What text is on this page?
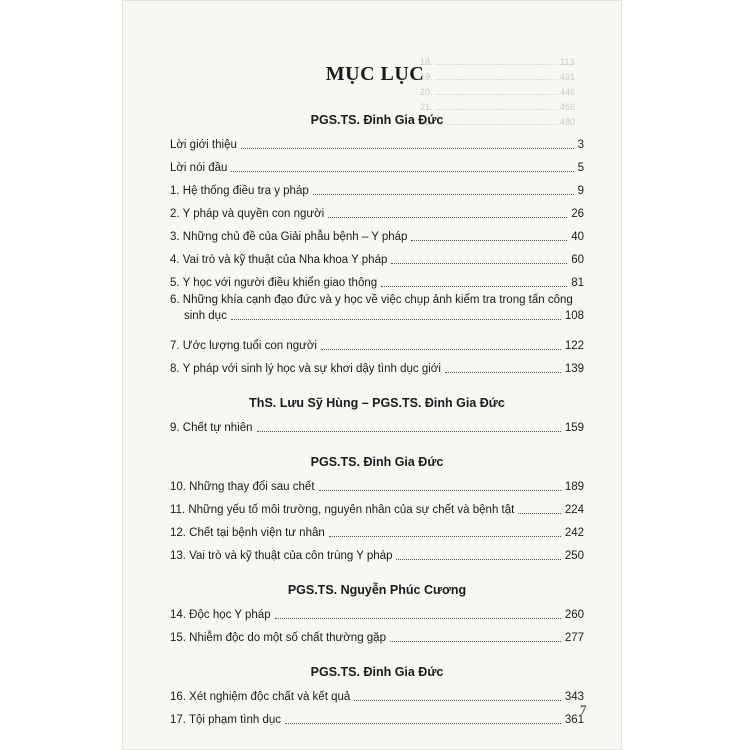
18. ................................................. 113
19. ................................................. 431
20. ................................................. 446
21. ................................................. 466
22. ................................................. 480
MỤC LỤC
PGS.TS. Đinh Gia Đức
Lời giới thiệu	3
Lời nói đầu	5
1. Hệ thống điều tra y pháp	9
2. Y pháp và quyền con người	26
3. Những chủ đề của Giải phẫu bệnh – Y pháp	40
4. Vai trò và kỹ thuật của Nha khoa Y pháp	60
5. Y học với người điều khiển giao thông	81
6. Những khía cạnh đạo đức và y học về việc chụp ảnh kiểm tra trong tấn công
sinh dục	108
7. Ước lượng tuổi con người	122
8. Y pháp với sinh lý học và sự khơi dậy tình dục giới	139
ThS. Lưu Sỹ Hùng – PGS.TS. Đinh Gia Đức
9. Chết tự nhiên	159
PGS.TS. Đinh Gia Đức
10. Những thay đổi sau chết	189
11. Những yếu tố môi trường, nguyên nhân của sự chết và bệnh tật	224
12. Chết tại bệnh viện tư nhân	242
13. Vai trò và kỹ thuật của côn trùng Y pháp	250
PGS.TS. Nguyễn Phúc Cương
14. Độc học Y pháp	260
15. Nhiễm độc do một số chất thường gặp	277
PGS.TS. Đinh Gia Đức
16. Xét nghiệm độc chất và kết quả	343
17. Tội phạm tình dục	361
7
